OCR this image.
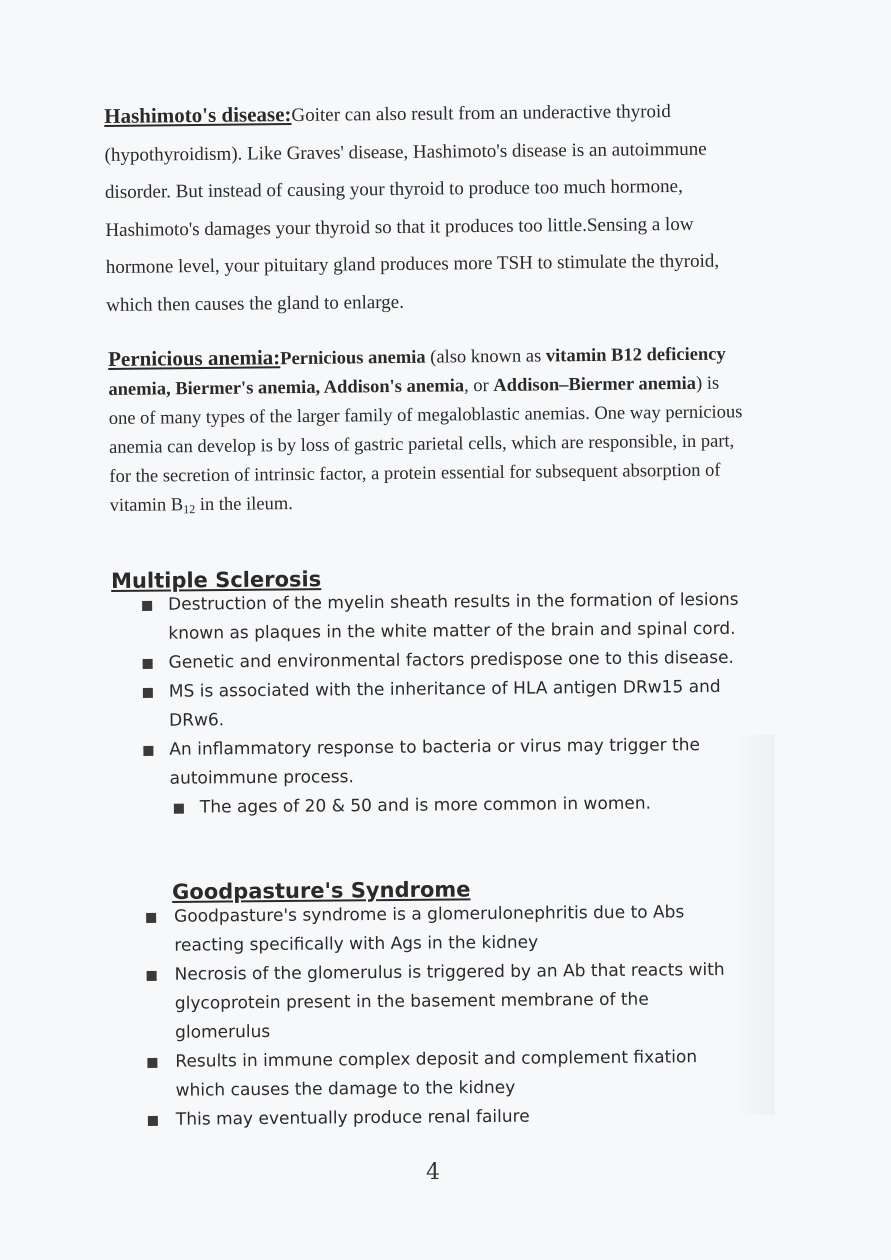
Hashimoto's disease:Goiter can also result from an underactive thyroid (hypothyroidism). Like Graves' disease, Hashimoto's disease is an autoimmune disorder. But instead of causing your thyroid to produce too much hormone, Hashimoto's damages your thyroid so that it produces too little.Sensing a low hormone level, your pituitary gland produces more TSH to stimulate the thyroid, which then causes the gland to enlarge.
Pernicious anemia:Pernicious anemia (also known as vitamin B12 deficiency anemia, Biermer's anemia, Addison's anemia, or Addison–Biermer anemia) is one of many types of the larger family of megaloblastic anemias. One way pernicious anemia can develop is by loss of gastric parietal cells, which are responsible, in part, for the secretion of intrinsic factor, a protein essential for subsequent absorption of vitamin $B_{12}$ in the ileum.
Multiple Sclerosis
Destruction of the myelin sheath results in the formation of lesions known as plaques in the white matter of the brain and spinal cord.
Genetic and environmental factors predispose one to this disease.
MS is associated with the inheritance of HLA antigen DRw15 and DRw6.
An inflammatory response to bacteria or virus may trigger the autoimmune process.
The ages of 20 & 50 and is more common in women.
Goodpasture's Syndrome
Goodpasture's syndrome is a glomerulonephritis due to Abs reacting specifically with Ags in the kidney
Necrosis of the glomerulus is triggered by an Ab that reacts with glycoprotein present in the basement membrane of the glomerulus
Results in immune complex deposit and complement fixation which causes the damage to the kidney
This may eventually produce renal failure
4
